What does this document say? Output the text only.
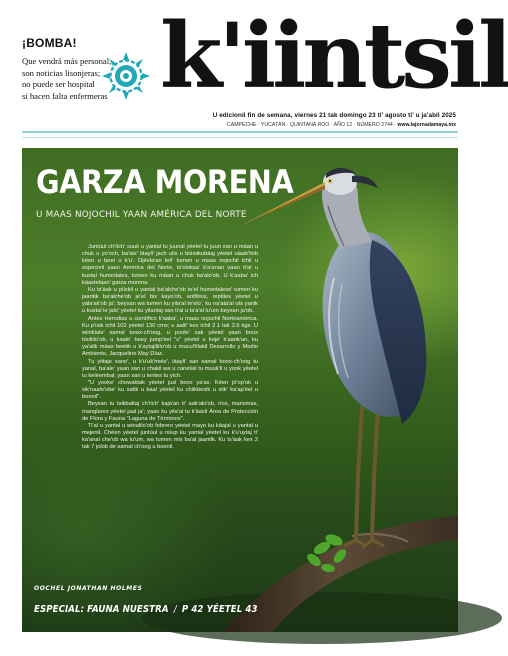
¡BOMBA!
Que vendrá más personal,
son noticias lisonjeras;
no puede ser hospital
si hacen falta enfermeras k'iintsil
U edicionil fin de semana, viernes 21 tak domingo 23 ti' agosto ti' u ja'abil 2025
CAMPECHE · YUCATÁN · QUINTANA ROO · AÑO 12 · NÚMERO 2744 · www.lajornadamaya.mx
GARZA MORENA
U MAAS NOJOCHIL YAAN AMÉRICA DEL NORTE

Juntúul ch'íich' suuk u yantal tu juunal yéetel tu juun xan u máan u chuk u yo'och, ba'ale' láayli' jach ulis u biinsikubáaj yéetel ulaak'ilob kéen u beet u k'u'. Ojéela'an leti' tumen u maas nojochil ichil u especieil yaan América del Norte, ts'oloksa' k'a'anan yaan ti'al u kuxtal humedales, tumen ku máan u chuk ba'alo'ob. U k'aaba' ich káastelaan' garza morena.

Ku ts'áak u píiskil u yantal ba'alche'ob te'el humedaleso' tumen ku jaantik ba'alche'ob je'el bix kayo'ob, anfíbios, reptiles yéetel u yála'ak'ob ja'; beyxan wa tumen ku yila'al te'elo', ku na'ata'al uts yanik u kuxtal le jalo' yéetel ku yilantaj xan ti'al u ts'a'al lu'um beyxan ja'ob.

Antes Herodias u científico k'aaba', u maas nojochil Norteamérica. Ku p'isik ichil 102 yéetel 130 cms; u aalil' kex ichil 2.1 tak 3.6 kgs. U wiinklale' samal boox-ch'oog, u poole' sak yéetel yaan boox tóoliilo'ob, u kaale' beey jump'éel "s" yéetel u koje' k'aank'an, ku ya'alik máax beetik u k'aytajiliilo'ob u mucul'iilakil Desarrollo y Medio Ambiente, Jacqueline May Díaz.

Tu yiitaje sane', u k'u'uk'mele', láayli' xan samal boox-ch'oog tu yanal, ba'ale' yaan xan u chakil wa u canelail tu muuk'il u yook yéetel tu keléembal; yaan xan u lentes tu yich.

"U yooke' chowaktak yéetel jusl boox ya'ax. Kéen jó'op'ok u sik'naalo'obe' ku satik u kaal yéetel ku chiikbesik u siik' ka'ap'éel u boonil".

Beyxan tu tsikbaltaj ch'íich' kaja'an ti' aak'alo'ob, ríos, marismas, manglares yéetel jaal ja'; yaan ku yila'al tu k'áaxil Área de Protección de Flora y Fauna "Laguna de Términos".

Ti'al u yantal u winalilo'ob febrero yéetel mayo ku káajal u yantal u mejenil. Chéen yéetel juntúul u núup ku yantal yéetel ku k'u'uytaj ti' ka'anal che'ob wa lu'um, wa tumen mix ba'al jaantik. Ku ts'áak kex 2 tak 7 jolob de samal ch'oog u boonil.

OOCHEL JONATHAN HOLMES
ESPECIAL: FAUNA NUESTRA / P 42 YÉETEL 43
